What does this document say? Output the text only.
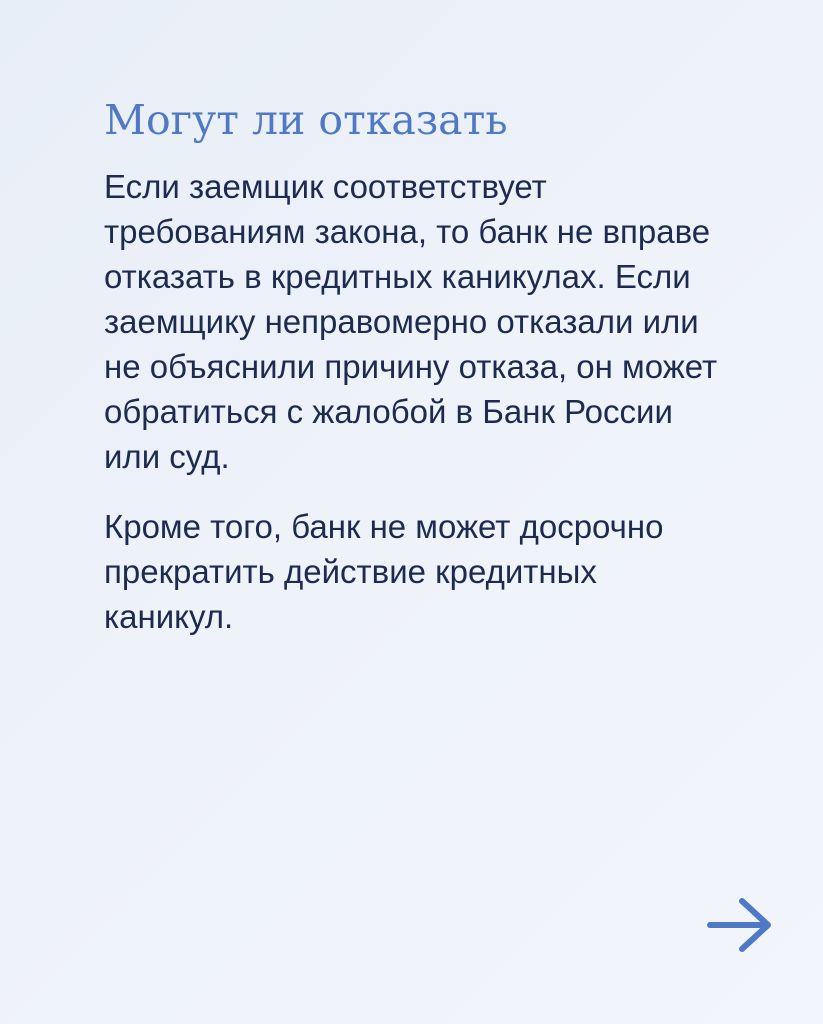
Могут ли отказать

Если заемщик соответствует
требованиям закона, то банк не вправе
отказать в кредитных каникулах. Если
заемщику неправомерно отказали или
не объяснили причину отказа, он может
обратиться с жалобой в Банк России
или суд.

Кроме того, банк не может досрочно
прекратить действие кредитных
каникул.
